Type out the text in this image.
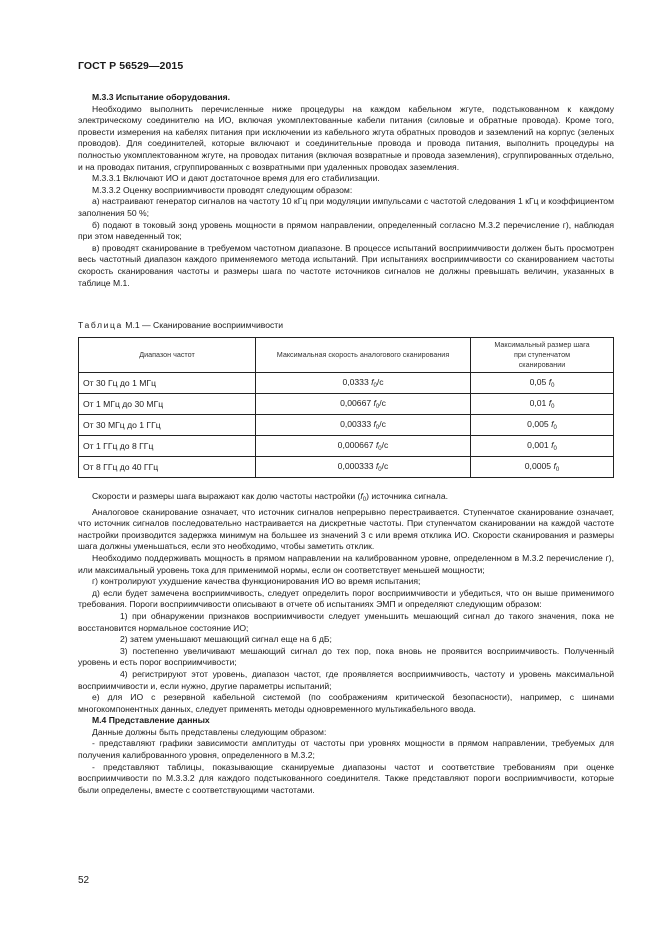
ГОСТ Р 56529—2015

М.3.3 Испытание оборудования.

Необходимо выполнить перечисленные ниже процедуры на каждом кабельном жгуте, подстыкованном к каждому электрическому соединителю на ИО, включая укомплектованные кабели питания (силовые и обратные провода). Кроме того, провести измерения на кабелях питания при исключении из кабельного жгута обратных проводов и заземлений на корпус (зеленых проводов). Для соединителей, которые включают и соединительные провода и провода питания, выполнить процедуры на полностью укомплектованном жгуте, на проводах питания (включая возвратные и провода заземления), сгруппированных отдельно, и на проводах питания, сгруппированных с возвратными при удаленных проводах заземления.

М.3.3.1 Включают ИО и дают достаточное время для его стабилизации.

М.3.3.2 Оценку восприимчивости проводят следующим образом:

а) настраивают генератор сигналов на частоту 10 кГц при модуляции импульсами с частотой следования 1 кГц и коэффициентом заполнения 50 %;

б) подают в токовый зонд уровень мощности в прямом направлении, определенный согласно М.3.2 перечисление г), наблюдая при этом наведенный ток;

в) проводят сканирование в требуемом частотном диапазоне. В процессе испытаний восприимчивости должен быть просмотрен весь частотный диапазон каждого применяемого метода испытаний. При испытаниях восприимчивости со сканированием частоты скорость сканирования частоты и размеры шага по частоте источников сигналов не должны превышать величин, указанных в таблице М.1.

Таблица М.1 — Сканирование восприимчивости
Диапазон частот	Максимальная скорость аналогового сканирования	Максимальный размер шага при ступенчатом сканировании
От 30 Гц до 1 МГц	0,0333 $f_0/с$	0,05 $f_0$
От 1 МГц до 30 МГц	0,00667 $f_0/с$	0,01 $f_0$
От 30 МГц до 1 ГГц	0,00333 $f_0/с$	0,005 $f_0$
От 1 ГГц до 8 ГГц	0,000667 $f_0/с$	0,001 $f_0$
От 8 ГГц до 40 ГГц	0,000333 $f_0/с$	0,0005 $f_0$

Скорости и размеры шага выражают как долю частоты настройки $(f_0)$ источника сигнала.

Аналоговое сканирование означает, что источник сигналов непрерывно перестраивается. Ступенчатое сканирование означает, что источник сигналов последовательно настраивается на дискретные частоты. При ступенчатом сканировании на каждой частоте настройки производится задержка минимум на большее из значений 3 с или время отклика ИО. Скорости сканирования и размеры шага должны уменьшаться, если это необходимо, чтобы заметить отклик.

Необходимо поддерживать мощность в прямом направлении на калиброванном уровне, определенном в М.3.2 перечисление г), или максимальный уровень тока для применимой нормы, если он соответствует меньшей мощности;

г) контролируют ухудшение качества функционирования ИО во время испытания;

д) если будет замечена восприимчивость, следует определить порог восприимчивости и убедиться, что он выше применимого требования. Пороги восприимчивости описывают в отчете об испытаниях ЭМП и определяют следующим образом:

1) при обнаружении признаков восприимчивости следует уменьшить мешающий сигнал до такого значения, пока не восстановится нормальное состояние ИО;

2) затем уменьшают мешающий сигнал еще на 6 дБ;

3) постепенно увеличивают мешающий сигнал до тех пор, пока вновь не проявится восприимчивость. Полученный уровень и есть порог восприимчивости;

4) регистрируют этот уровень, диапазон частот, где проявляется восприимчивость, частоту и уровень максимальной восприимчивости и, если нужно, другие параметры испытаний;

е) для ИО с резервной кабельной системой (по соображениям критической безопасности), например, с шинами многокомпонентных данных, следует применять методы одновременного мультикабельного ввода.

М.4 Представление данных

Данные должны быть представлены следующим образом:

- представляют графики зависимости амплитуды от частоты при уровнях мощности в прямом направлении, требуемых для получения калиброванного уровня, определенного в М.3.2;

- представляют таблицы, показывающие сканируемые диапазоны частот и соответствие требованиям при оценке восприимчивости по М.3.3.2 для каждого подстыкованного соединителя. Также представляют пороги восприимчивости, которые были определены, вместе с соответствующими частотами.

52
